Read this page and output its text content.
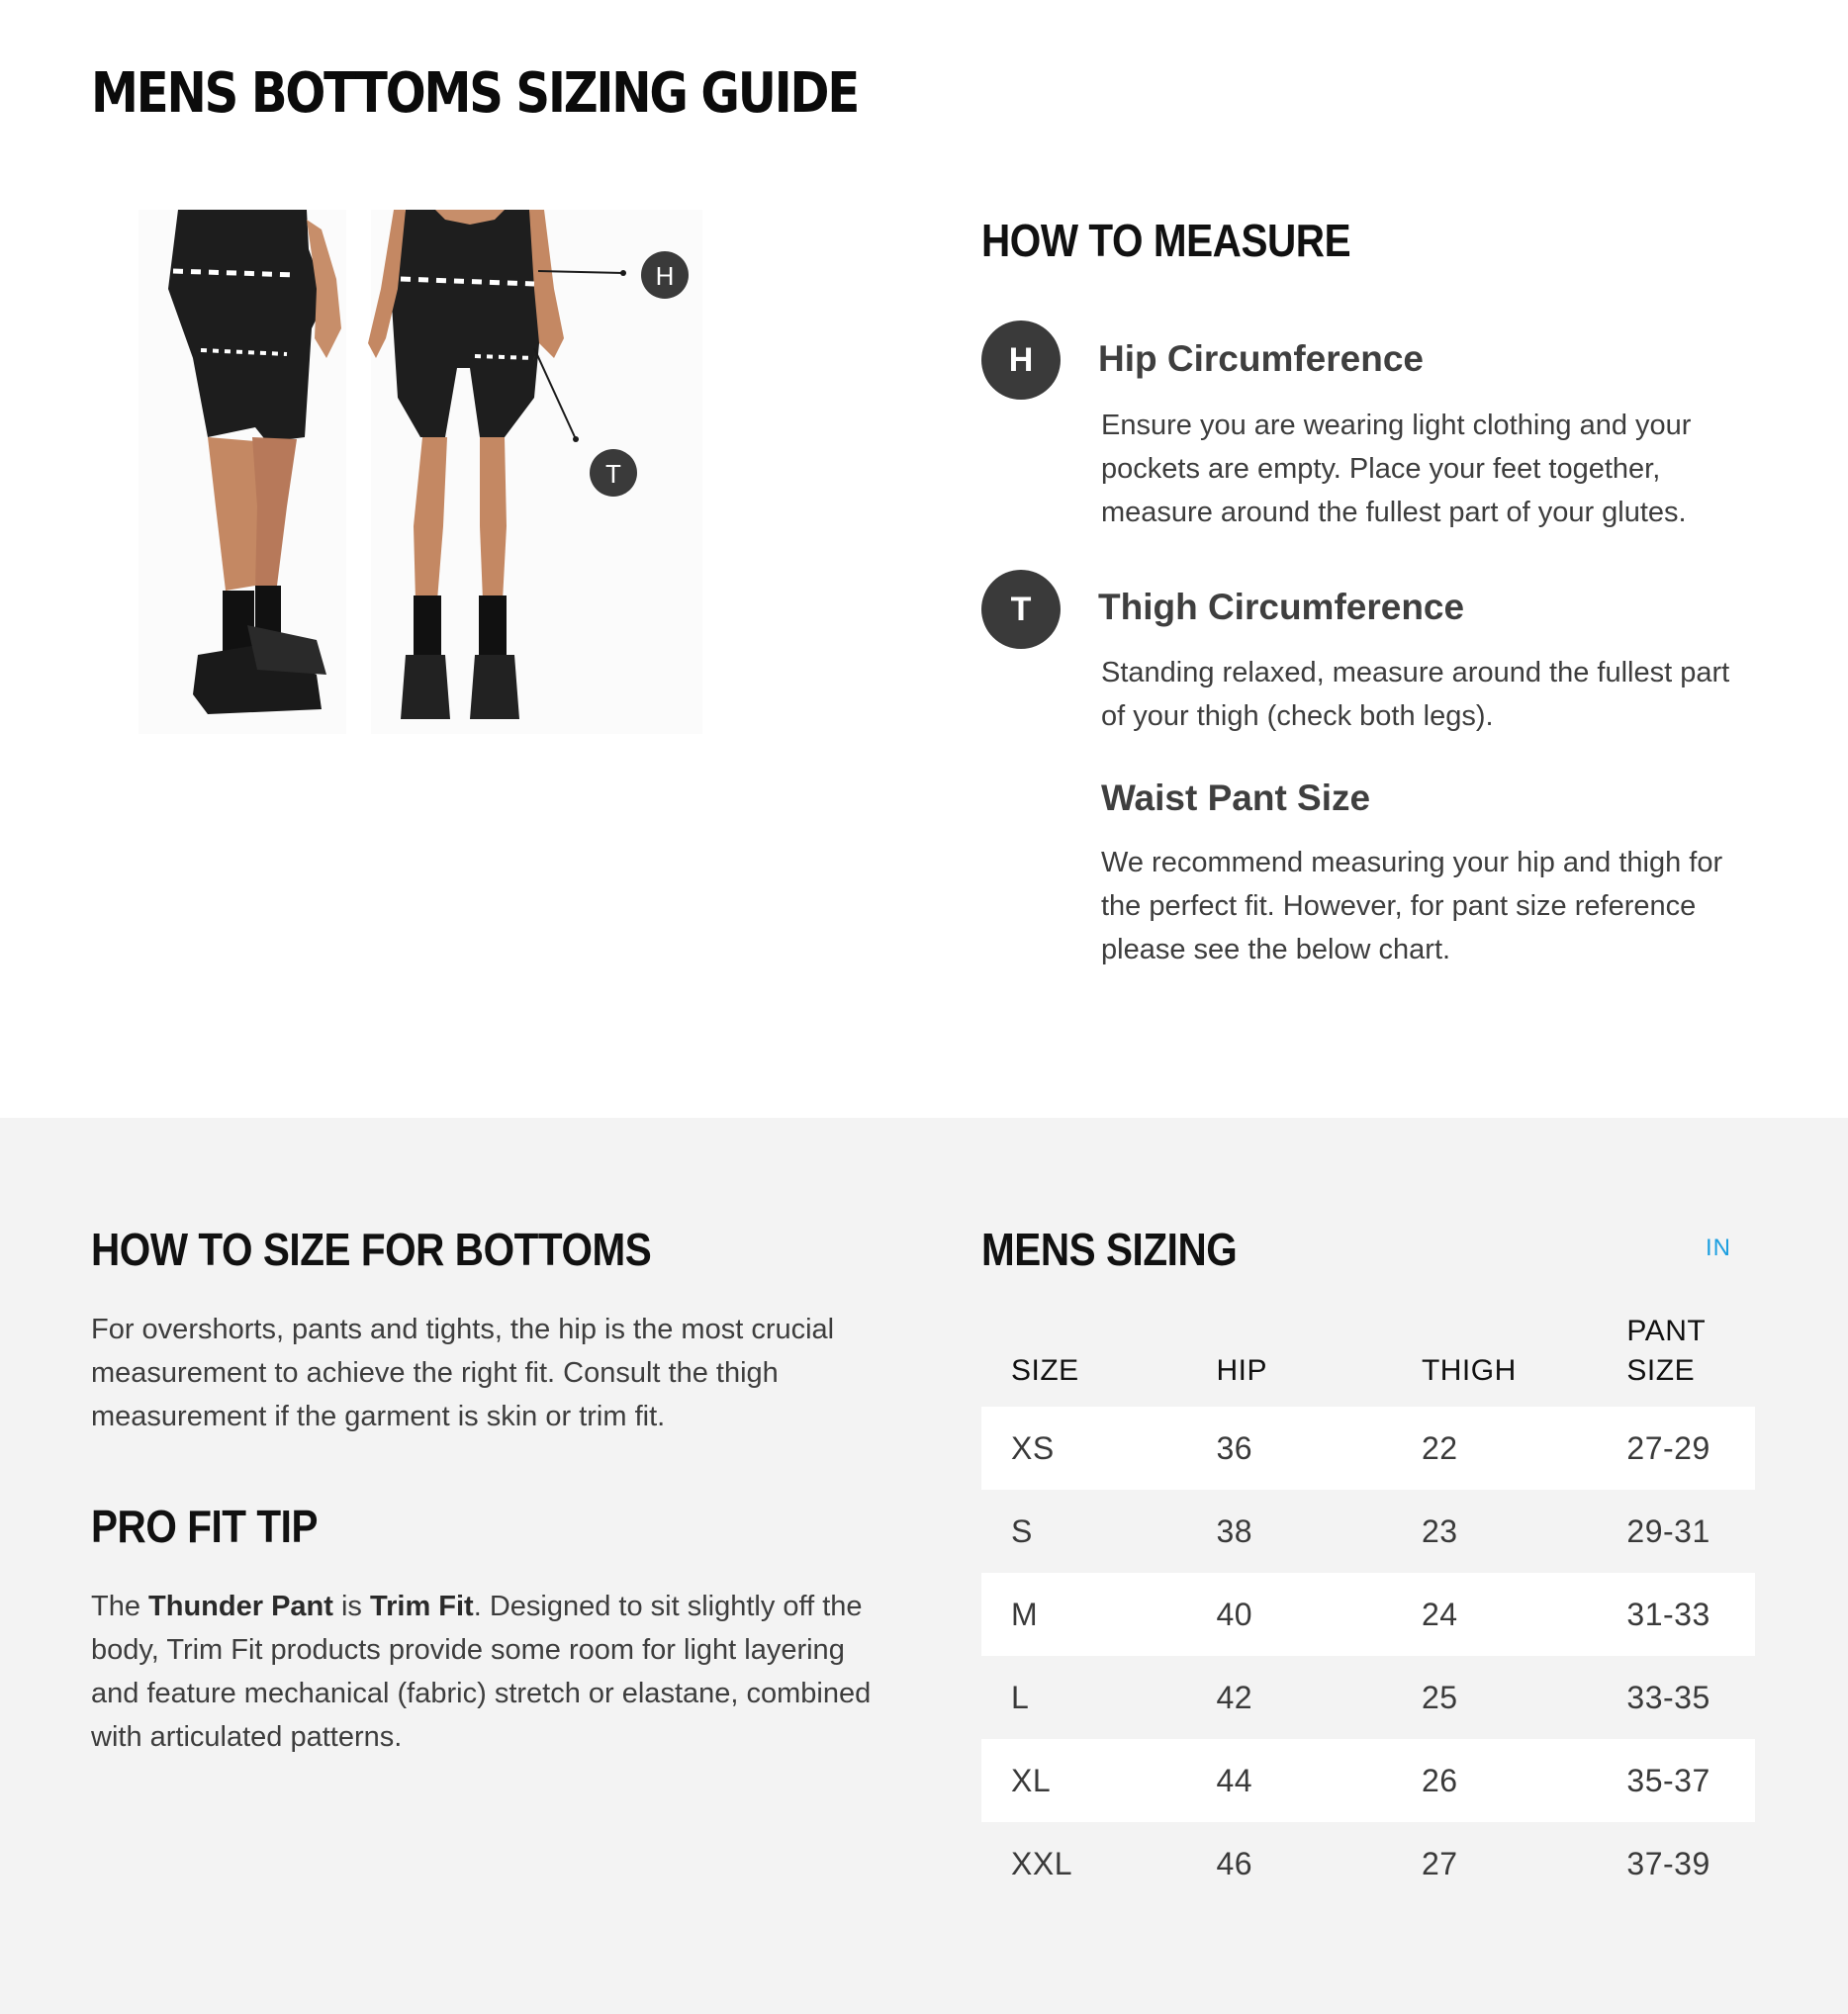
MENS BOTTOMS SIZING GUIDE
H
T
HOW TO MEASURE
H	Hip Circumference

Ensure you are wearing light clothing and your pockets are empty. Place your feet together, measure around the fullest part of your glutes.

T	Thigh Circumference

Standing relaxed, measure around the fullest part of your thigh (check both legs).

Waist Pant Size

We recommend measuring your hip and thigh for the perfect fit. However, for pant size reference please see the below chart.

HOW TO SIZE FOR BOTTOMS

For overshorts, pants and tights, the hip is the most crucial measurement to achieve the right fit. Consult the thigh measurement if the garment is skin or trim fit.

PRO FIT TIP

The Thunder Pant is Trim Fit. Designed to sit slightly off the body, Trim Fit products provide some room for light layering and feature mechanical (fabric) stretch or elastane, combined with articulated patterns.

MENS SIZING	IN
SIZE	HIP	THIGH	PANT SIZE
XS	36	22	27-29
S	38	23	29-31
M	40	24	31-33
L	42	25	33-35
XL	44	26	35-37
XXL	46	27	37-39
